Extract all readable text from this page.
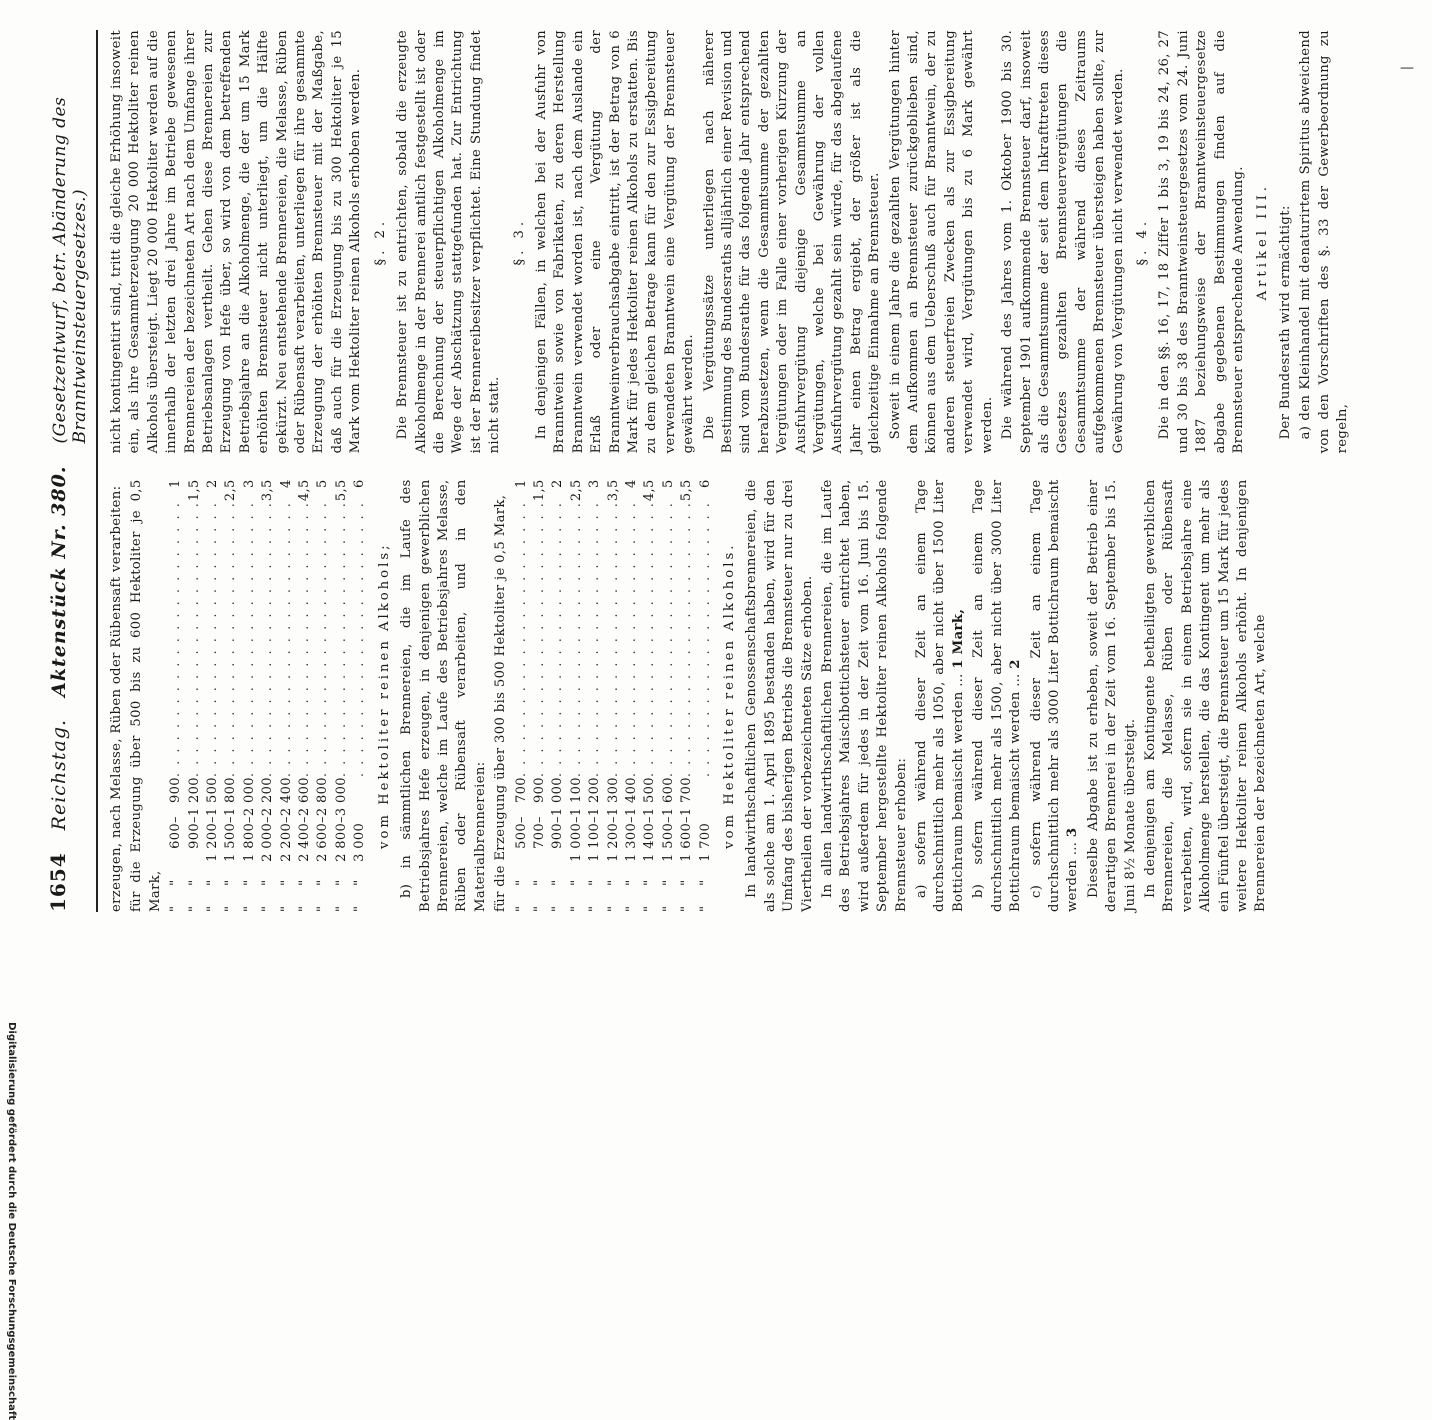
1654
Reichstag.
Aktenstück Nr. 380.
(Gesetzentwurf, betr. Abänderung des Branntweinsteuergesetzes.)

erzeugen, nach Melasse, Rüben oder Rübensaft verarbeiten: für die Erzeugung über 500 bis zu 600 Hektoliter je 0,5 Mark, " "	600	–	900	. . . . . . . . . . . . . . . . . . . . . . .	1
" "	900	–	1 200	. . . . . . . . . . . . . . . . . . . . . . .	1,5
" "	1 200	–	1 500	. . . . . . . . . . . . . . . . . . . . . . .	2
" "	1 500	–	1 800	. . . . . . . . . . . . . . . . . . . . . . .	2,5
" "	1 800	–	2 000	. . . . . . . . . . . . . . . . . . . . . . .	3
" "	2 000	–	2 200	. . . . . . . . . . . . . . . . . . . . . . .	3,5
" "	2 200	–	2 400	. . . . . . . . . . . . . . . . . . . . . . .	4
" "	2 400	–	2 600	. . . . . . . . . . . . . . . . . . . . . . .	4,5
" "	2 600	–	2 800	. . . . . . . . . . . . . . . . . . . . . . .	5
" "	2 800	–	3 000	. . . . . . . . . . . . . . . . . . . . . . .	5,5
" "	3 000			. . . . . . . . . . . . . . . . . . . . . . .	6

vom Hektoliter reinen Alkohols; b) in sämmtlichen Brennereien, die im Laufe des Betriebsjahres Hefe erzeugen, in denjenigen gewerblichen Brennereien, welche im Laufe des Betriebsjahres Melasse, Rüben oder Rübensaft verarbeiten, und in den Materialbrennereien: für die Erzeugung über 300 bis 500 Hektoliter je 0,5 Mark, " "	500	–	700	. . . . . . . . . . . . . . . . . . . . . . .	1
" "	700	–	900	. . . . . . . . . . . . . . . . . . . . . . .	1,5
" "	900	–	1 000	. . . . . . . . . . . . . . . . . . . . . . .	2
" "	1 000	–	1 100	. . . . . . . . . . . . . . . . . . . . . . .	2,5
" "	1 100	–	1 200	. . . . . . . . . . . . . . . . . . . . . . .	3
" "	1 200	–	1 300	. . . . . . . . . . . . . . . . . . . . . . .	3,5
" "	1 300	–	1 400	. . . . . . . . . . . . . . . . . . . . . . .	4
" "	1 400	–	1 500	. . . . . . . . . . . . . . . . . . . . . . .	4,5
" "	1 500	–	1 600	. . . . . . . . . . . . . . . . . . . . . . .	5
" "	1 600	–	1 700	. . . . . . . . . . . . . . . . . . . . . . .	5,5
" "	1 700			. . . . . . . . . . . . . . . . . . . . . . .	6

vom Hektoliter reinen Alkohols. In landwirthschaftlichen Genossenschaftsbrennereien, die als solche am 1. April 1895 bestanden haben, wird für den Umfang des bisherigen Betriebs die Brennsteuer nur zu drei Viertheilen der vorbezeichneten Sätze erhoben. In allen landwirthschaftlichen Brennereien, die im Laufe des Betriebsjahres Maischbottichsteuer entrichtet haben, wird außerdem für jedes in der Zeit vom 16. Juni bis 15. September hergestellte Hektoliter reinen Alkohols folgende Brennsteuer erhoben: a) sofern während dieser Zeit an einem Tage durchschnittlich mehr als 1050, aber nicht über 1500 Liter Bottichraum bemaischt werden … 1 Mark, b) sofern während dieser Zeit an einem Tage durchschnittlich mehr als 1500, aber nicht über 3000 Liter Bottichraum bemaischt werden … 2 c) sofern während dieser Zeit an einem Tage durchschnittlich mehr als 3000 Liter Bottichraum bemaischt werden … 3 Dieselbe Abgabe ist zu erheben, soweit der Betrieb einer derartigen Brennerei in der Zeit vom 16. September bis 15. Juni 8½ Monate übersteigt. In denjenigen am Kontingente betheiligten gewerblichen Brennereien, die Melasse, Rüben oder Rübensaft verarbeiten, wird, sofern sie in einem Betriebsjahre eine Alkoholmenge herstellen, die das Kontingent um mehr als ein Fünftel übersteigt, die Brennsteuer um 15 Mark für jedes weitere Hektoliter reinen Alkohols erhöht. In denjenigen Brennereien der bezeichneten Art, welche

nicht kontingentirt sind, tritt die gleiche Erhöhung insoweit ein, als ihre Gesammterzeugung 20 000 Hektoliter reinen Alkohols übersteigt. Liegt 20 000 Hektoliter werden auf die innerhalb der letzten drei Jahre im Betriebe gewesenen Brennereien der bezeichneten Art nach dem Umfange ihrer Betriebsanlagen vertheilt. Gehen diese Brennereien zur Erzeugung von Hefe über, so wird von dem betreffenden Betriebsjahre an die Alkoholmenge, die der um 15 Mark erhöhten Brennsteuer nicht unterliegt, um die Hälfte gekürzt. Neu entstehende Brennereien, die Melasse, Rüben oder Rübensaft verarbeiten, unterliegen für ihre gesammte Erzeugung der erhöhten Brennsteuer mit der Maßgabe, daß auch für die Erzeugung bis zu 300 Hektoliter je 15 Mark vom Hektoliter reinen Alkohols erhoben werden. §. 2. Die Brennsteuer ist zu entrichten, sobald die erzeugte Alkoholmenge in der Brennerei amtlich festgestellt ist oder die Berechnung der steuerpflichtigen Alkoholmenge im Wege der Abschätzung stattgefunden hat. Zur Entrichtung ist der Brennereibesitzer verpflichtet. Eine Stundung findet nicht statt.

§. 3. In denjenigen Fällen, in welchen bei der Ausfuhr von Branntwein sowie von Fabrikaten, zu deren Herstellung Branntwein verwendet worden ist, nach dem Auslande ein Erlaß oder eine Vergütung der Branntweinverbrauchsabgabe eintritt, ist der Betrag von 6 Mark für jedes Hektoliter reinen Alkohols zu erstatten. Bis zu dem gleichen Betrage kann für den zur Essigbereitung verwendeten Branntwein eine Vergütung der Brennsteuer gewährt werden. Die Vergütungssätze unterliegen nach näherer Bestimmung des Bundesraths alljährlich einer Revision und sind vom Bundesrathe für das folgende Jahr entsprechend herabzusetzen, wenn die Gesammtsumme der gezahlten Vergütungen oder im Falle einer vorherigen Kürzung der Ausfuhrvergütung diejenige Gesammtsumme an Vergütungen, welche bei Gewährung der vollen Ausfuhrvergütung gezahlt sein würde, für das abgelaufene Jahr einen Betrag ergiebt, der größer ist als die gleichzeitige Einnahme an Brennsteuer. Soweit in einem Jahre die gezahlten Vergütungen hinter dem Aufkommen an Brennsteuer zurückgeblieben sind, können aus dem Ueberschuß auch für Branntwein, der zu anderen steuerfreien Zwecken als zur Essigbereitung verwendet wird, Vergütungen bis zu 6 Mark gewährt werden. Die während des Jahres vom 1. Oktober 1900 bis 30. September 1901 aufkommende Brennsteuer darf, insoweit als die Gesammtsumme der seit dem Inkrafttreten dieses Gesetzes gezahlten Brennsteuervergütungen die Gesammtsumme der während dieses Zeitraums aufgekommenen Brennsteuer übersteigen haben sollte, zur Gewährung von Vergütungen nicht verwendet werden. §. 4. Die in den §§. 16, 17, 18 Ziffer 1 bis 3, 19 bis 24, 26, 27 und 30 bis 38 des Branntweinsteuergesetzes vom 24. Juni 1887 beziehungsweise der Branntweinsteuergesetze abgabe gegebenen Bestimmungen finden auf die Brennsteuer entsprechende Anwendung. Artikel III. Der Bundesrath wird ermächtigt: a) den Kleinhandel mit denaturirtem Spiritus abweichend von den Vorschriften des §. 33 der Gewerbeordnung zu regeln,

Digitalisierung gefördert durch die Deutsche Forschungsgemeinschaft
—
